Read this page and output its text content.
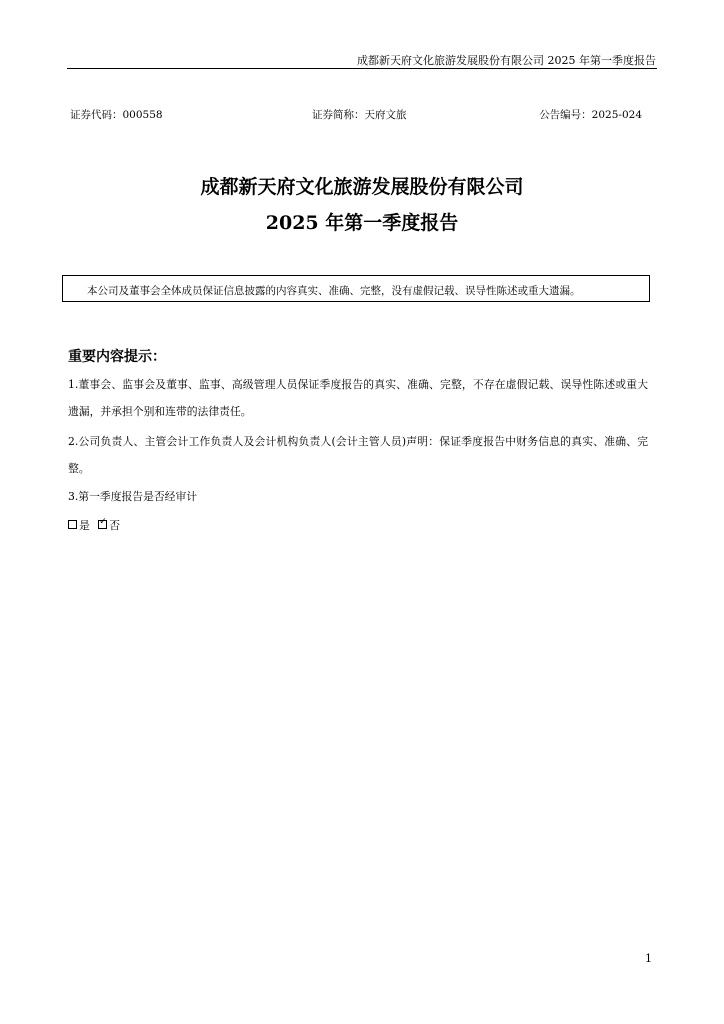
成都新天府文化旅游发展股份有限公司 2025 年第一季度报告
证券代码：000558	证券简称：天府文旅	公告编号：2025-024
成都新天府文化旅游发展股份有限公司
2025 年第一季度报告
本公司及董事会全体成员保证信息披露的内容真实、准确、完整，没有虚假记载、误导性陈述或重大遗漏。
重要内容提示：
1.董事会、监事会及董事、监事、高级管理人员保证季度报告的真实、准确、完整，不存在虚假记载、误导性陈述或重大遗漏，并承担个别和连带的法律责任。
2.公司负责人、主管会计工作负责人及会计机构负责人(会计主管人员)声明：保证季度报告中财务信息的真实、准确、完整。
3.第一季度报告是否经审计
是 ✓ 否
1
